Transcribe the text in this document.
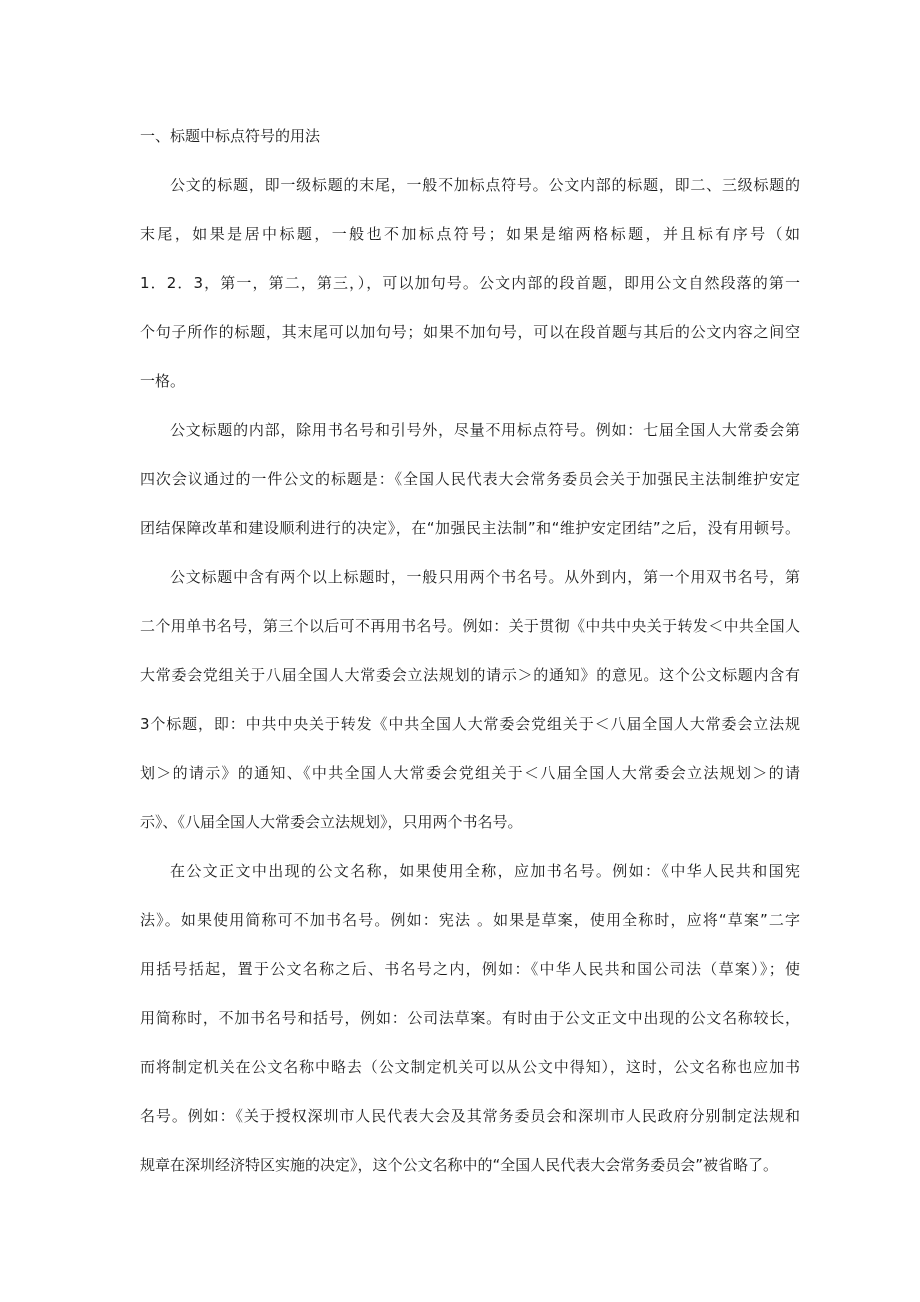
一、标题中标点符号的用法
公文的标题，即一级标题的末尾，一般不加标点符号。公文内部的标题，即二、三级标题的
末尾，如果是居中标题，一般也不加标点符号；如果是缩两格标题，并且标有序号（如
1．2．3，第一，第二，第三，），可以加句号。公文内部的段首题，即用公文自然段落的第一
个句子所作的标题，其末尾可以加句号；如果不加句号，可以在段首题与其后的公文内容之间空
一格。
公文标题的内部，除用书名号和引号外，尽量不用标点符号。例如：七届全国人大常委会第
四次会议通过的一件公文的标题是：《全国人民代表大会常务委员会关于加强民主法制维护安定
团结保障改革和建设顺利进行的决定》，在“加强民主法制”和“维护安定团结”之后，没有用顿号。
公文标题中含有两个以上标题时，一般只用两个书名号。从外到内，第一个用双书名号，第
二个用单书名号，第三个以后可不再用书名号。例如：关于贯彻《中共中央关于转发＜中共全国人
大常委会党组关于八届全国人大常委会立法规划的请示＞的通知》的意见。这个公文标题内含有
3个标题，即：中共中央关于转发《中共全国人大常委会党组关于＜八届全国人大常委会立法规
划＞的请示》的通知、《中共全国人大常委会党组关于＜八届全国人大常委会立法规划＞的请
示》、《八届全国人大常委会立法规划》，只用两个书名号。
在公文正文中出现的公文名称，如果使用全称，应加书名号。例如：《中华人民共和国宪
法》。如果使用简称可不加书名号。例如：宪法 。如果是草案，使用全称时，应将“草案”二字
用括号括起，置于公文名称之后、书名号之内，例如：《中华人民共和国公司法（草案）》；使
用简称时，不加书名号和括号，例如：公司法草案。有时由于公文正文中出现的公文名称较长，
而将制定机关在公文名称中略去（公文制定机关可以从公文中得知），这时，公文名称也应加书
名号。例如：《关于授权深圳市人民代表大会及其常务委员会和深圳市人民政府分别制定法规和
规章在深圳经济特区实施的决定》，这个公文名称中的“全国人民代表大会常务委员会”被省略了。
